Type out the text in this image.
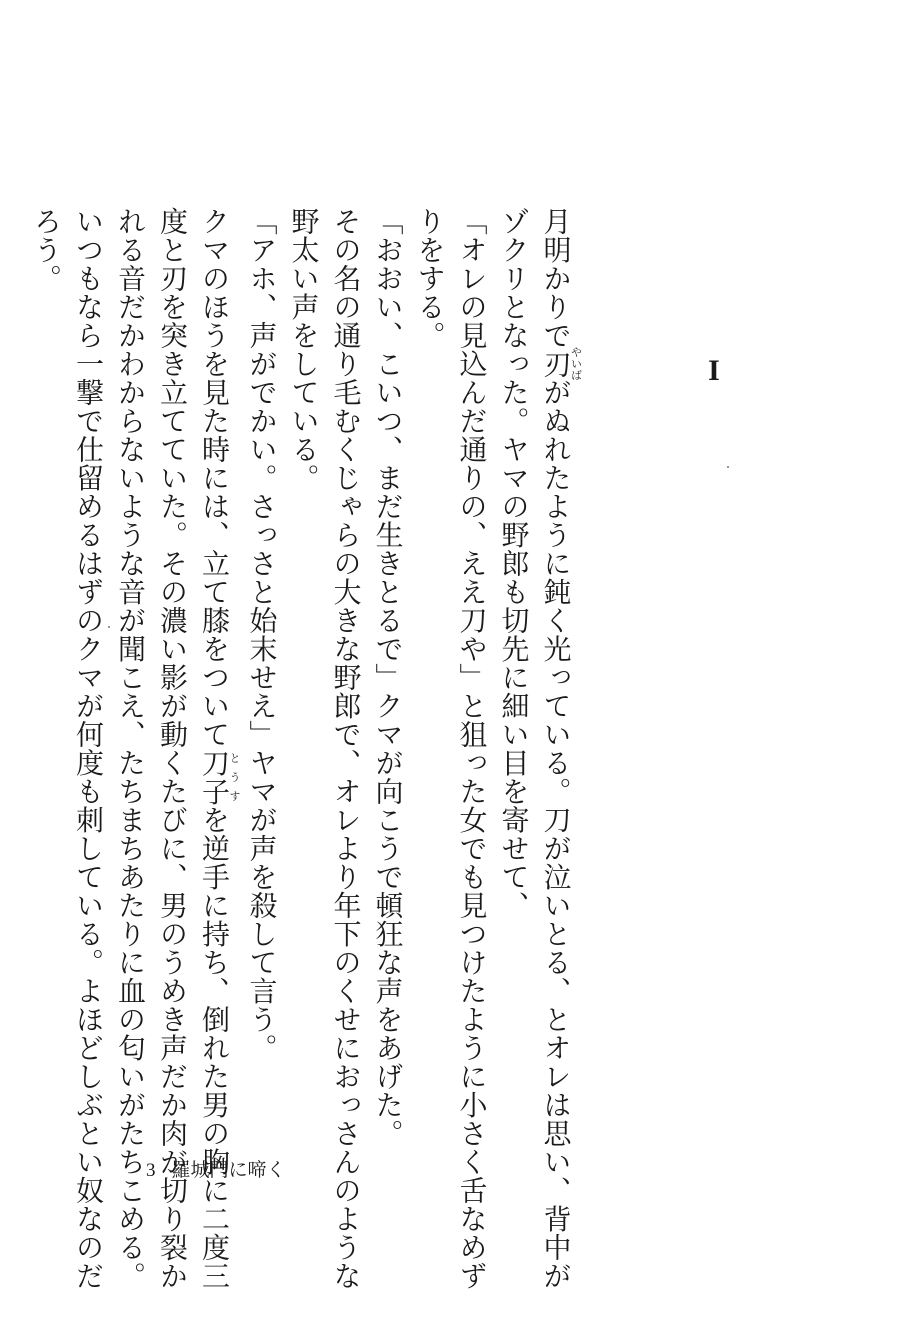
I
月明かりで刃やいばがぬれたように鈍く光っている。刀が泣いとる、とオレは思い、背中がゾクリとなった。ヤマの野郎も切先に細い目を寄せて、
「オレの見込んだ通りの、ええ刀や」と狙った女でも見つけたように小さく舌なめずりをする。
「おおい、こいつ、まだ生きとるで」クマが向こうで頓狂な声をあげた。
その名の通り毛むくじゃらの大きな野郎で、オレより年下のくせにおっさんのような野太い声をしている。
「アホ、声がでかい。さっさと始末せえ」ヤマが声を殺して言う。
クマのほうを見た時には、立て膝をついて刀子とうすを逆手に持ち、倒れた男の胸に二度三度と刃を突き立てていた。その濃い影が動くたびに、男のうめき声だか肉が切り裂かれる音だかわからないような音が聞こえ、たちまちあたりに血の匂いがたちこめる。いつもなら一撃で仕留めるはずのクマが何度も刺している。よほどしぶとい奴なのだろう。
3 羅城門に啼く
